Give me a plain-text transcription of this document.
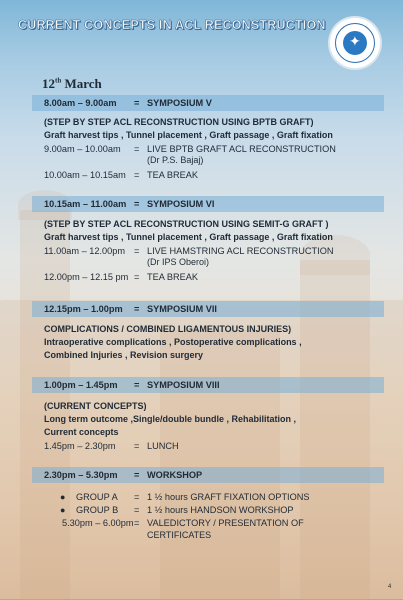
CURRENT CONCEPTS IN ACL RECONSTRUCTION
✦
12th March
8.00am – 9.00am = SYMPOSIUM V
(STEP BY STEP ACL RECONSTRUCTION USING BPTB GRAFT)
Graft harvest tips , Tunnel placement , Graft passage , Graft fixation
9.00am – 10.00am = LIVE BPTB GRAFT ACL RECONSTRUCTION
(Dr P.S. Bajaj)
10.00am – 10.15am = TEA BREAK
10.15am – 11.00am = SYMPOSIUM VI
(STEP BY STEP ACL RECONSTRUCTION USING SEMIT-G GRAFT )
Graft harvest tips , Tunnel placement , Graft passage , Graft fixation
11.00am – 12.00pm = LIVE HAMSTRING ACL RECONSTRUCTION
(Dr IPS Oberoi)
12.00pm – 12.15 pm = TEA BREAK
12.15pm – 1.00pm = SYMPOSIUM VII
COMPLICATIONS / COMBINED LIGAMENTOUS INJURIES)
Intraoperative complications , Postoperative complications ,
Combined Injuries , Revision surgery
1.00pm – 1.45pm = SYMPOSIUM VIII
(CURRENT CONCEPTS)
Long term outcome ,Single/double bundle , Rehabilitation ,
Current concepts
1.45pm – 2.30pm = LUNCH
2.30pm – 5.30pm = WORKSHOP
● GROUP A = 1 ½ hours GRAFT FIXATION OPTIONS
● GROUP B = 1 ½ hours HANDSON WORKSHOP
5.30pm – 6.00pm = VALEDICTORY / PRESENTATION OF
CERTIFICATES
4
